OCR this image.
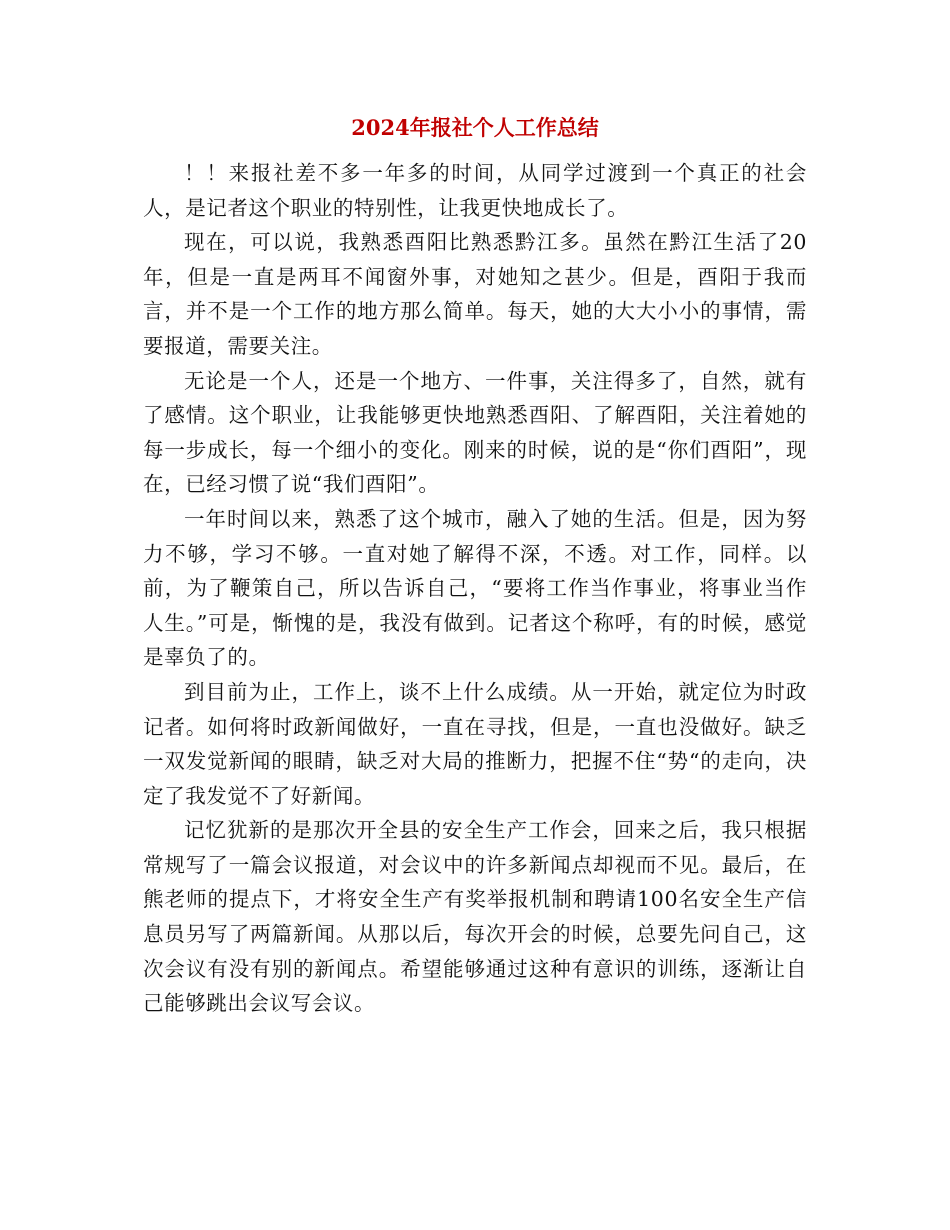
2024年报社个人工作总结

！！来报社差不多一年多的时间，从同学过渡到一个真正的社会人，是记者这个职业的特别性，让我更快地成长了。

现在，可以说，我熟悉酉阳比熟悉黔江多。虽然在黔江生活了20年，但是一直是两耳不闻窗外事，对她知之甚少。但是，酉阳于我而言，并不是一个工作的地方那么简单。每天，她的大大小小的事情，需要报道，需要关注。

无论是一个人，还是一个地方、一件事，关注得多了，自然，就有了感情。这个职业，让我能够更快地熟悉酉阳、了解酉阳，关注着她的每一步成长，每一个细小的变化。刚来的时候，说的是“你们酉阳”，现在，已经习惯了说“我们酉阳”。

一年时间以来，熟悉了这个城市，融入了她的生活。但是，因为努力不够，学习不够。一直对她了解得不深，不透。对工作，同样。以前，为了鞭策自己，所以告诉自己，“要将工作当作事业，将事业当作人生。”可是，惭愧的是，我没有做到。记者这个称呼，有的时候，感觉是辜负了的。

到目前为止，工作上，谈不上什么成绩。从一开始，就定位为时政记者。如何将时政新闻做好，一直在寻找，但是，一直也没做好。缺乏一双发觉新闻的眼睛，缺乏对大局的推断力，把握不住“势“的走向，决定了我发觉不了好新闻。

记忆犹新的是那次开全县的安全生产工作会，回来之后，我只根据常规写了一篇会议报道，对会议中的许多新闻点却视而不见。最后，在熊老师的提点下，才将安全生产有奖举报机制和聘请100名安全生产信息员另写了两篇新闻。从那以后，每次开会的时候，总要先问自己，这次会议有没有别的新闻点。希望能够通过这种有意识的训练，逐渐让自己能够跳出会议写会议。
